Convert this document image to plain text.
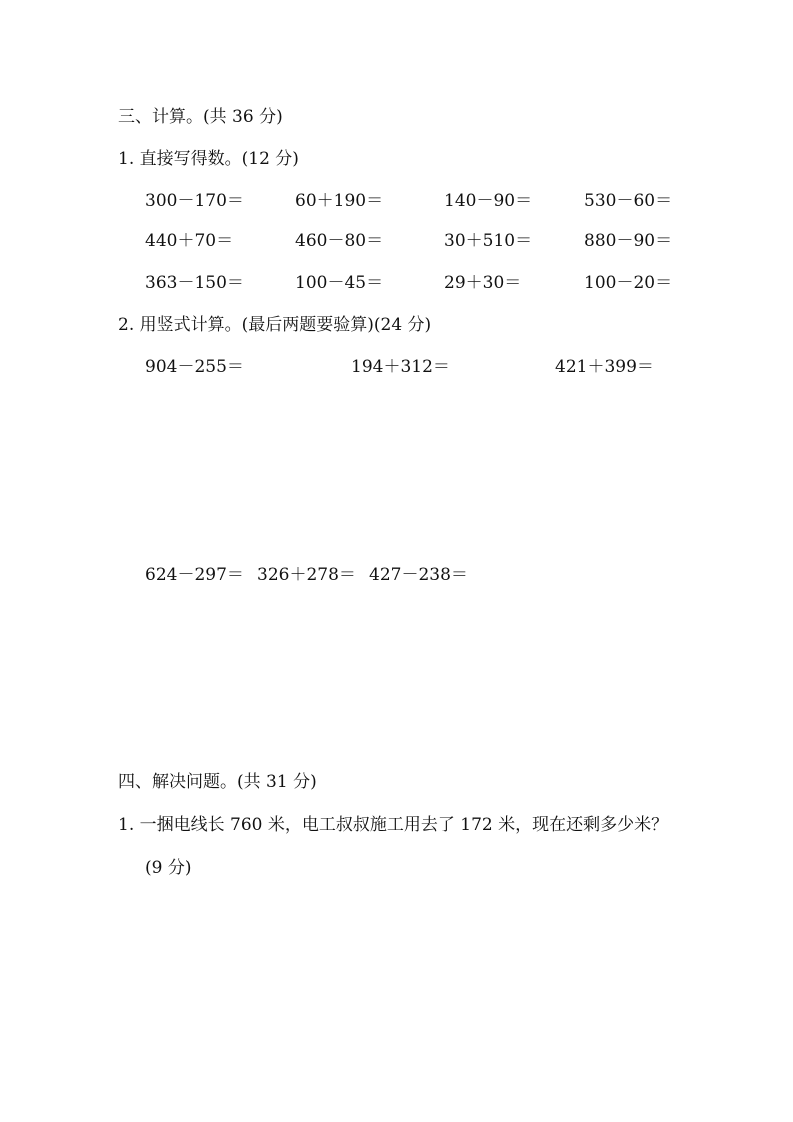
三、计算。(共 36 分)
1. 直接写得数。(12 分)
300－170＝	60＋190＝	140－90＝	530－60＝
440＋70＝	460－80＝	30＋510＝	880－90＝
363－150＝	100－45＝	29＋30＝	100－20＝
2. 用竖式计算。(最后两题要验算)(24 分)
904－255＝	194＋312＝	421＋399＝
624－297＝ 326＋278＝ 427－238＝
四、解决问题。(共 31 分)
1. 一捆电线长 760 米，电工叔叔施工用去了 172 米，现在还剩多少米？
(9 分)
